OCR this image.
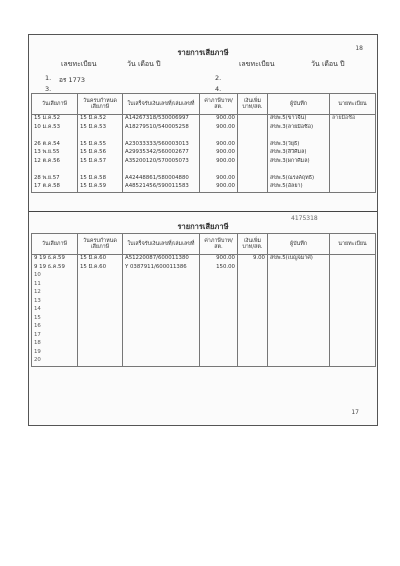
18
รายการเสียภาษี
เลขทะเบียน	วัน เดือน ปี	เลขทะเบียน	วัน เดือน ปี
1. อร 1773	2.
3.	4.
วันเสียภาษี	วันครบกำหนดเสียภาษี	ใบเสร็จรับเงินเลขที่/เล่มเลขที่	ค่าภาษีบาท/สต.	เงินเพิ่มบาท/สต.	ผู้บันทึก	นายทะเบียน
15 ม.ค.52	15 มี.ค.52	A14267318/530006997	900.00		สขพ.5(ขาวจีน)	ลายมือชื่อ
10 ม.ค.53	15 มี.ค.53	A18279510/540005258	900.00		สขพ.3(ลายมือชื่อ)	

26 ต.ค.54	15 มี.ค.55	A23033333/560003013	900.00		สขพ.3(วัยุธิ)	
13 พ.ย.55	15 มี.ค.56	A29935342/560002677	900.00		สขพ.3(ลีวีศิมล)	
12 ต.ค.56	15 มี.ค.57	A35200120/570005073	900.00		สขพ.3(ผกาศิมล)	

28 พ.ย.57	15 มี.ค.58	A42448861/580004880	900.00		สขพ.5(ณรงค์ฤทธิ์)	
17 ต.ค.58	15 มี.ค.59	A48521456/590011583	900.00		สขพ.5(อัลยา)	
4175318
รายการเสียภาษี
วันเสียภาษี	วันครบกำหนดเสียภาษี	ใบเสร็จรับเงินเลขที่/เล่มเลขที่	ค่าภาษีบาท/สต.	เงินเพิ่มบาท/สต.	ผู้บันทึก	นายทะเบียน
9 19 ธ.ค.59	15 มี.ค.60	A51220087/600011380	900.00	9.00	สขพ.5(เบญจมาศ)	
9 19 ธ.ค.59	15 มี.ค.60	Y 0387911/600011386	150.00			
10						
11						
12						
13						
14						
15						
16						
17						
18						
19						
20						
17
